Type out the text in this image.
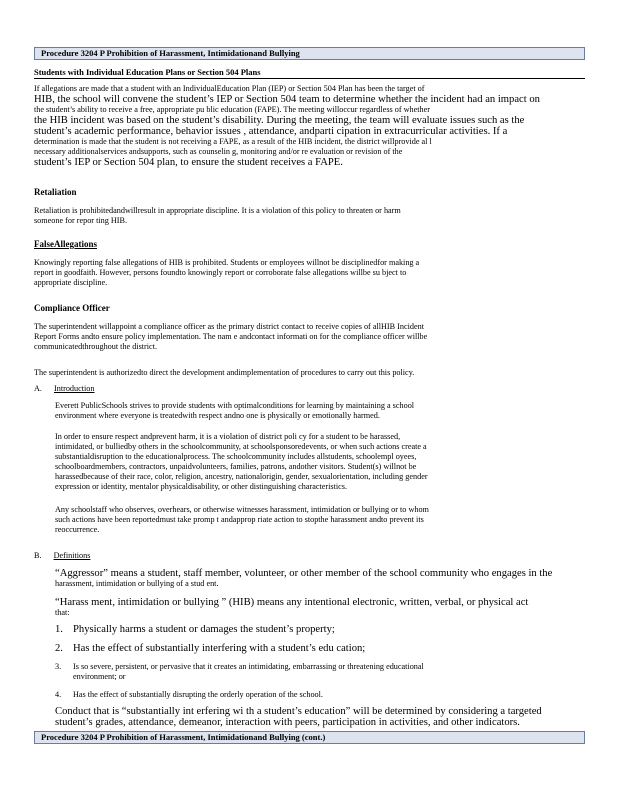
Procedure 3204 P Prohibition of Harassment, Intimidationand Bullying
Students with Individual Education Plans or Section 504 Plans
If allegations are made that a student with an IndividualEducation Plan (IEP) or Section 504 Plan has been the target of
HIB, the school will convene the student’s IEP or Section 504 team to determine whether the incident had an impact on
the student’s ability to receive a free, appropriate pu blic education (FAPE). The meeting willoccur regardless of whether
the HIB incident was based on the student’s disability. During the meeting, the team will evaluate issues such as the
student’s academic performance, behavior issues , attendance, andparti cipation in extracurricular activities. If a
determination is made that the student is not receiving a FAPE, as a result of the HIB incident, the district willprovide al l
necessary additionalservices andsupports, such as counselin g, monitoring and/or re evaluation or revision of the
student’s IEP or Section 504 plan, to ensure the student receives a FAPE.
Retaliation
Retaliation is prohibitedandwillresult in appropriate discipline. It is a violation of this policy to threaten or harm
someone for repor ting HIB.
FalseAllegations
Knowingly reporting false allegations of HIB is prohibited. Students or employees willnot be disciplinedfor making a
report in goodfaith. However, persons foundto knowingly report or corroborate false allegations willbe su bject to
appropriate discipline.
Compliance Officer
The superintendent willappoint a compliance officer as the primary district contact to receive copies of allHIB Incident
Report Forms andto ensure policy implementation. The nam e andcontact informati on for the compliance officer willbe
communicatedthroughout the district.
The superintendent is authorizedto direct the development andimplementation of procedures to carry out this policy.
A. Introduction
Everett PublicSchools strives to provide students with optimalconditions for learning by maintaining a school
environment where everyone is treatedwith respect andno one is physically or emotionally harmed.
In order to ensure respect andprevent harm, it is a violation of district poli cy for a student to be harassed,
intimidated, or bulliedby others in the schoolcommunity, at schoolsponsoredevents, or when such actions create a
substantialdisruption to the educationalprocess. The schoolcommunity includes allstudents, schoolempl oyees,
schoolboardmembers, contractors, unpaidvolunteers, families, patrons, andother visitors. Student(s) willnot be
harassedbecause of their race, color, religion, ancestry, nationalorigin, gender, sexualorientation, including gender
expression or identity, mentalor physicaldisability, or other distinguishing characteristics.
Any schoolstaff who observes, overhears, or otherwise witnesses harassment, intimidation or bullying or to whom
such actions have been reportedmust take promp t andapprop riate action to stopthe harassment andto prevent its
reoccurrence.
B. Definitions
“Aggressor” means a student, staff member, volunteer, or other member of the school community who engages in the
harassment, intimidation or bullying of a stud ent.
“Harass ment, intimidation or bullying ” (HIB) means any intentional electronic, written, verbal, or physical act
that:
1. Physically harms a student or damages the student’s property;
2. Has the effect of substantially interfering with a student’s edu cation;
3. Is so severe, persistent, or pervasive that it creates an intimidating, embarrassing or threatening educational
environment; or
4. Has the effect of substantially disrupting the orderly operation of the school.
Conduct that is “substantially int erfering wi th a student’s education” will be determined by considering a targeted
student’s grades, attendance, demeanor, interaction with peers, participation in activities, and other indicators.
Procedure 3204 P Prohibition of Harassment, Intimidationand Bullying (cont.)
